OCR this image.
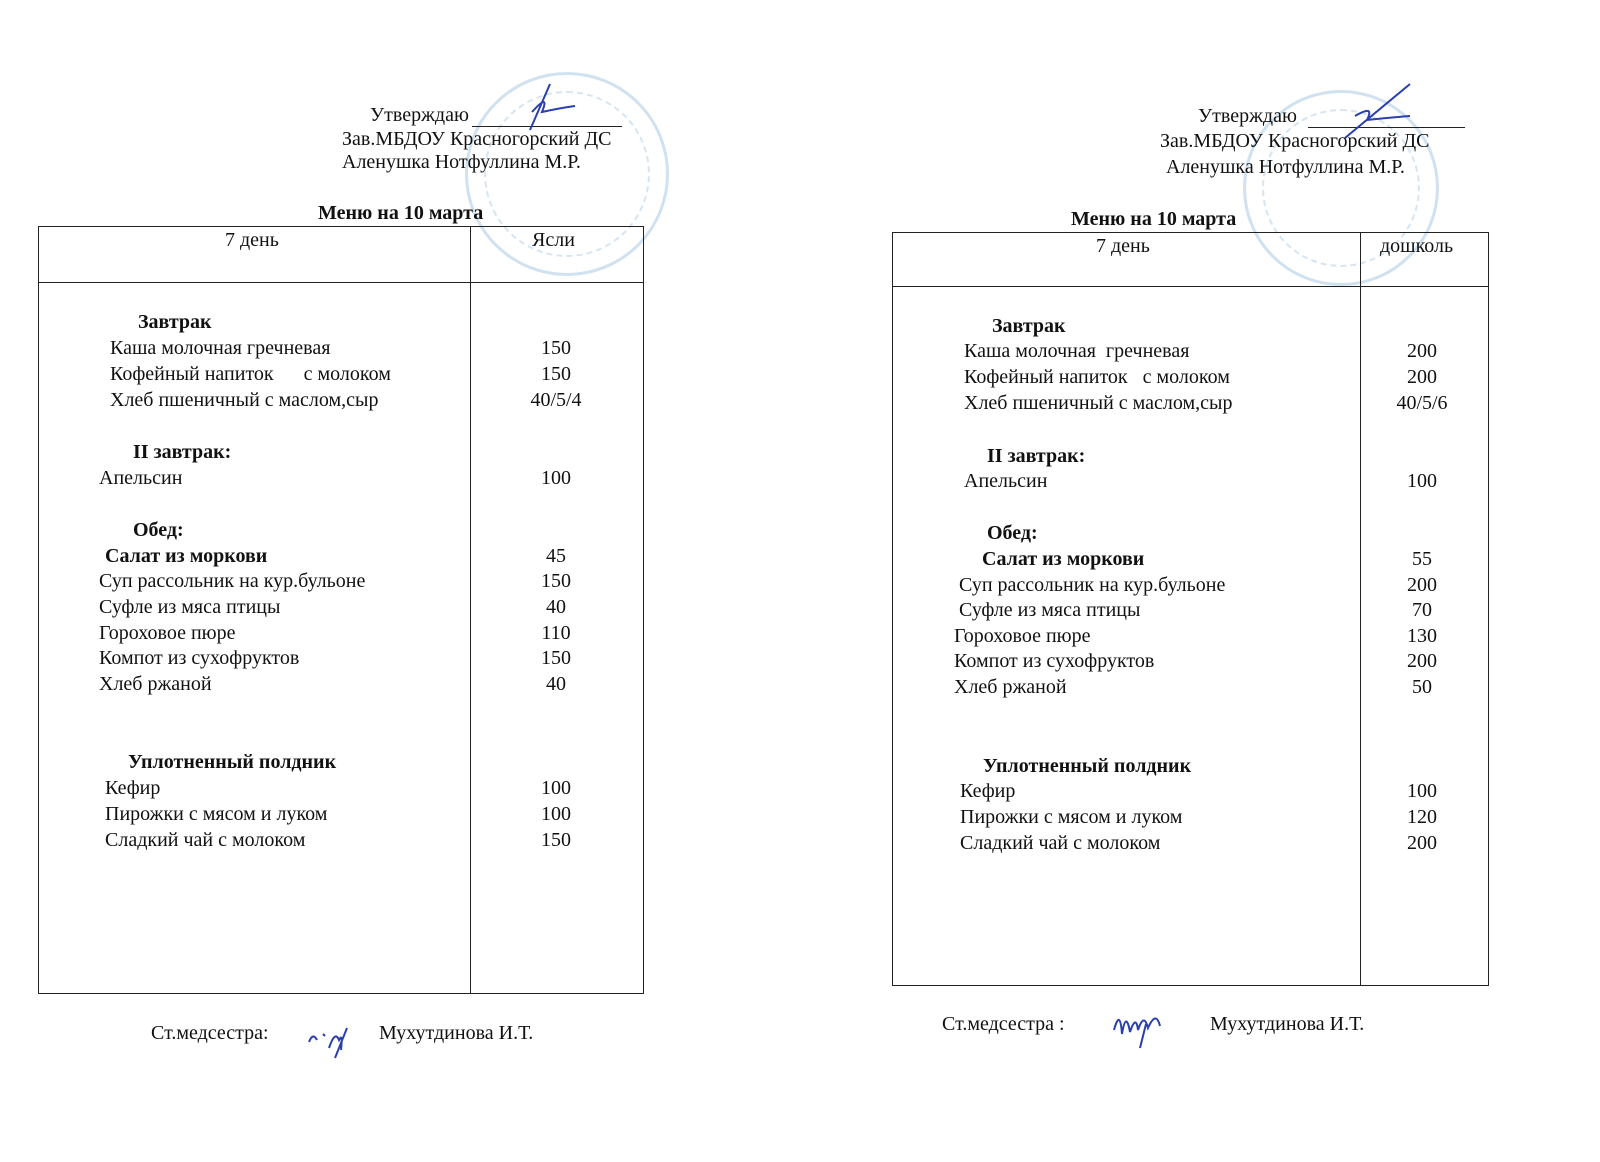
Утверждаю
Зав.МБДОУ Красногорский ДС
Аленушка Нотфуллина М.Р.
Меню на 10 марта
7 день	Ясли
Завтрак
Каша молочная гречневая	150
Кофейный напиток      с молоком	150
Хлеб пшеничный с маслом,сыр	40/5/4
II завтрак:
Апельсин	100
Обед:
Салат из моркови	45
Суп рассольник на кур.бульоне	150
Суфле из мяса птицы	40
Гороховое пюре	110
Компот из сухофруктов	150
Хлеб ржаной	40
Уплотненный полдник
Кефир	100
Пирожки с мясом и луком	100
Сладкий чай с молоком	150
Ст.медсестра:	Мухутдинова И.Т.
Утверждаю
Зав.МБДОУ Красногорский ДС
Аленушка Нотфуллина М.Р.
Меню на 10 марта
7 день	дошколь
Завтрак
Каша молочная  гречневая	200
Кофейный напиток   с молоком	200
Хлеб пшеничный с маслом,сыр	40/5/6
II завтрак:
Апельсин	100
Обед:
Салат из моркови	55
Суп рассольник на кур.бульоне	200
Суфле из мяса птицы	70
Гороховое пюре	130
Компот из сухофруктов	200
Хлеб ржаной	50
Уплотненный полдник
Кефир	100
Пирожки с мясом и луком	120
Сладкий чай с молоком	200
Ст.медсестра :	Мухутдинова И.Т.
